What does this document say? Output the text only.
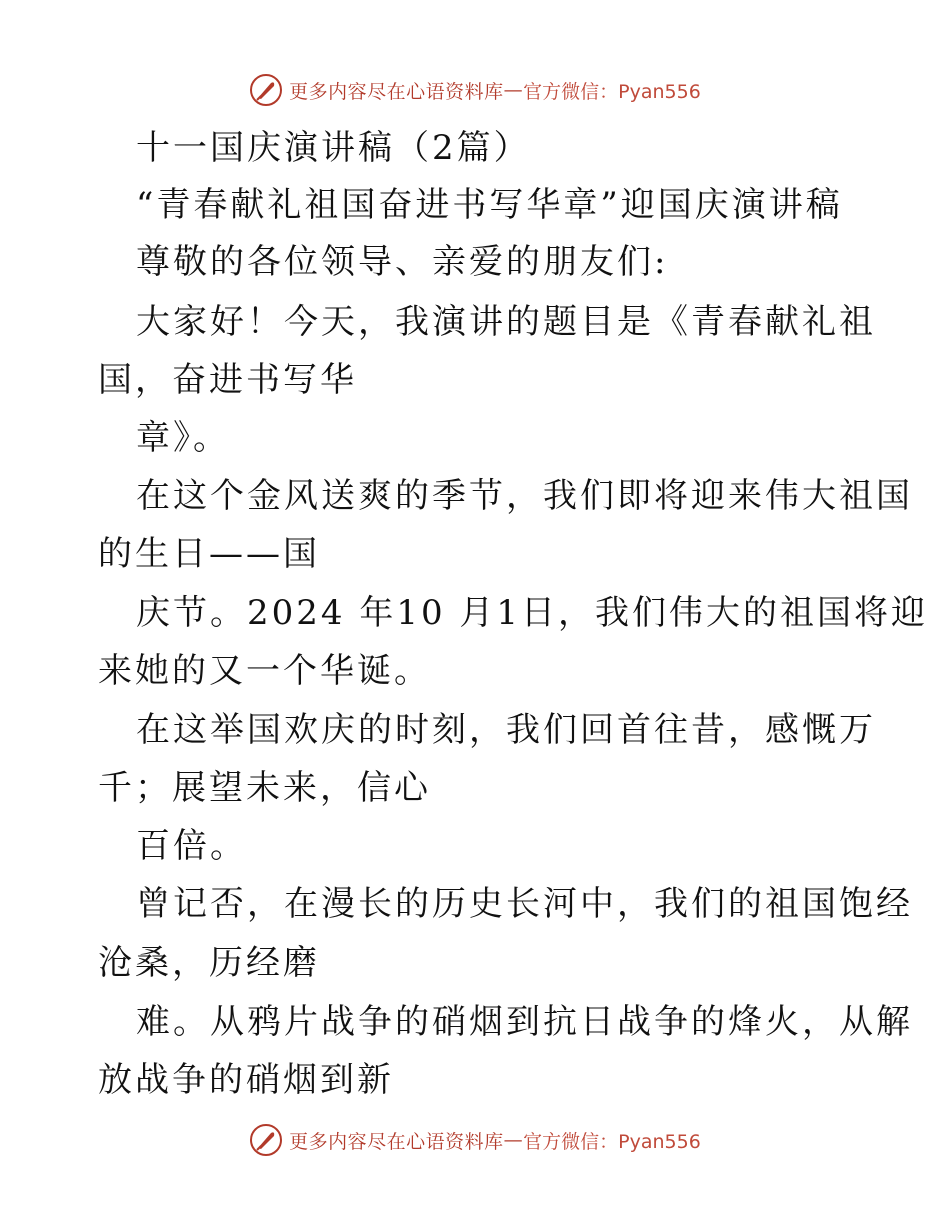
更多内容尽在心语资料库 — 官方微信：Pyan556
十一国庆演讲稿（2篇）
“青春献礼祖国奋进书写华章”迎国庆演讲稿
尊敬的各位领导、亲爱的朋友们:
大家好！今天，我演讲的题目是《青春献礼祖
国，奋进书写华
章》。
在这个金风送爽的季节，我们即将迎来伟大祖国
的生日——国
庆节。2024 年10 月1日，我们伟大的祖国将迎
来她的又一个华诞。
在这举国欢庆的时刻，我们回首往昔，感慨万
千；展望未来，信心
百倍。
曾记否，在漫长的历史长河中，我们的祖国饱经
沧桑，历经磨
难。从鸦片战争的硝烟到抗日战争的烽火，从解
放战争的硝烟到新
更多内容尽在心语资料库 — 官方微信：Pyan556
